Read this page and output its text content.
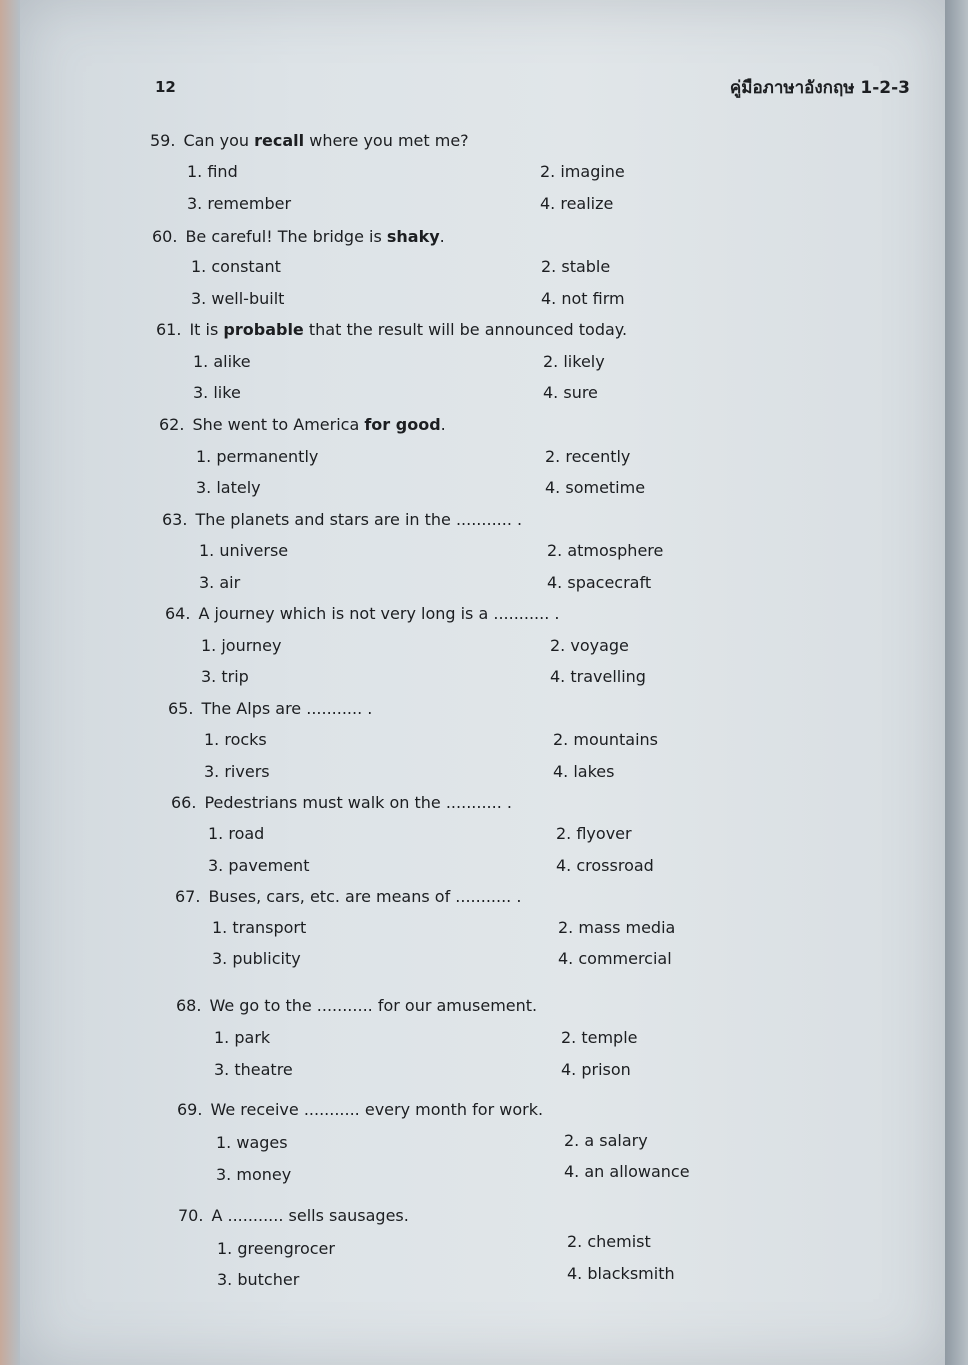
12	คู่มือภาษาอังกฤษ 1-2-3
59. Can you recall where you met me?
1. find	2. imagine
3. remember	4. realize
60. Be careful! The bridge is shaky.
1. constant	2. stable
3. well-built	4. not firm
61. It is probable that the result will be announced today.
1. alike	2. likely
3. like	4. sure
62. She went to America for good.
1. permanently	2. recently
3. lately	4. sometime
63. The planets and stars are in the ........... .
1. universe	2. atmosphere
3. air	4. spacecraft
64. A journey which is not very long is a ........... .
1. journey	2. voyage
3. trip	4. travelling
65. The Alps are ........... .
1. rocks	2. mountains
3. rivers	4. lakes
66. Pedestrians must walk on the ........... .
1. road	2. flyover
3. pavement	4. crossroad
67. Buses, cars, etc. are means of ........... .
1. transport	2. mass media
3. publicity	4. commercial
68. We go to the ........... for our amusement.
1. park	2. temple
3. theatre	4. prison
69. We receive ........... every month for work.
1. wages	2. a salary
3. money	4. an allowance
70. A ........... sells sausages.
1. greengrocer	2. chemist
3. butcher	4. blacksmith
